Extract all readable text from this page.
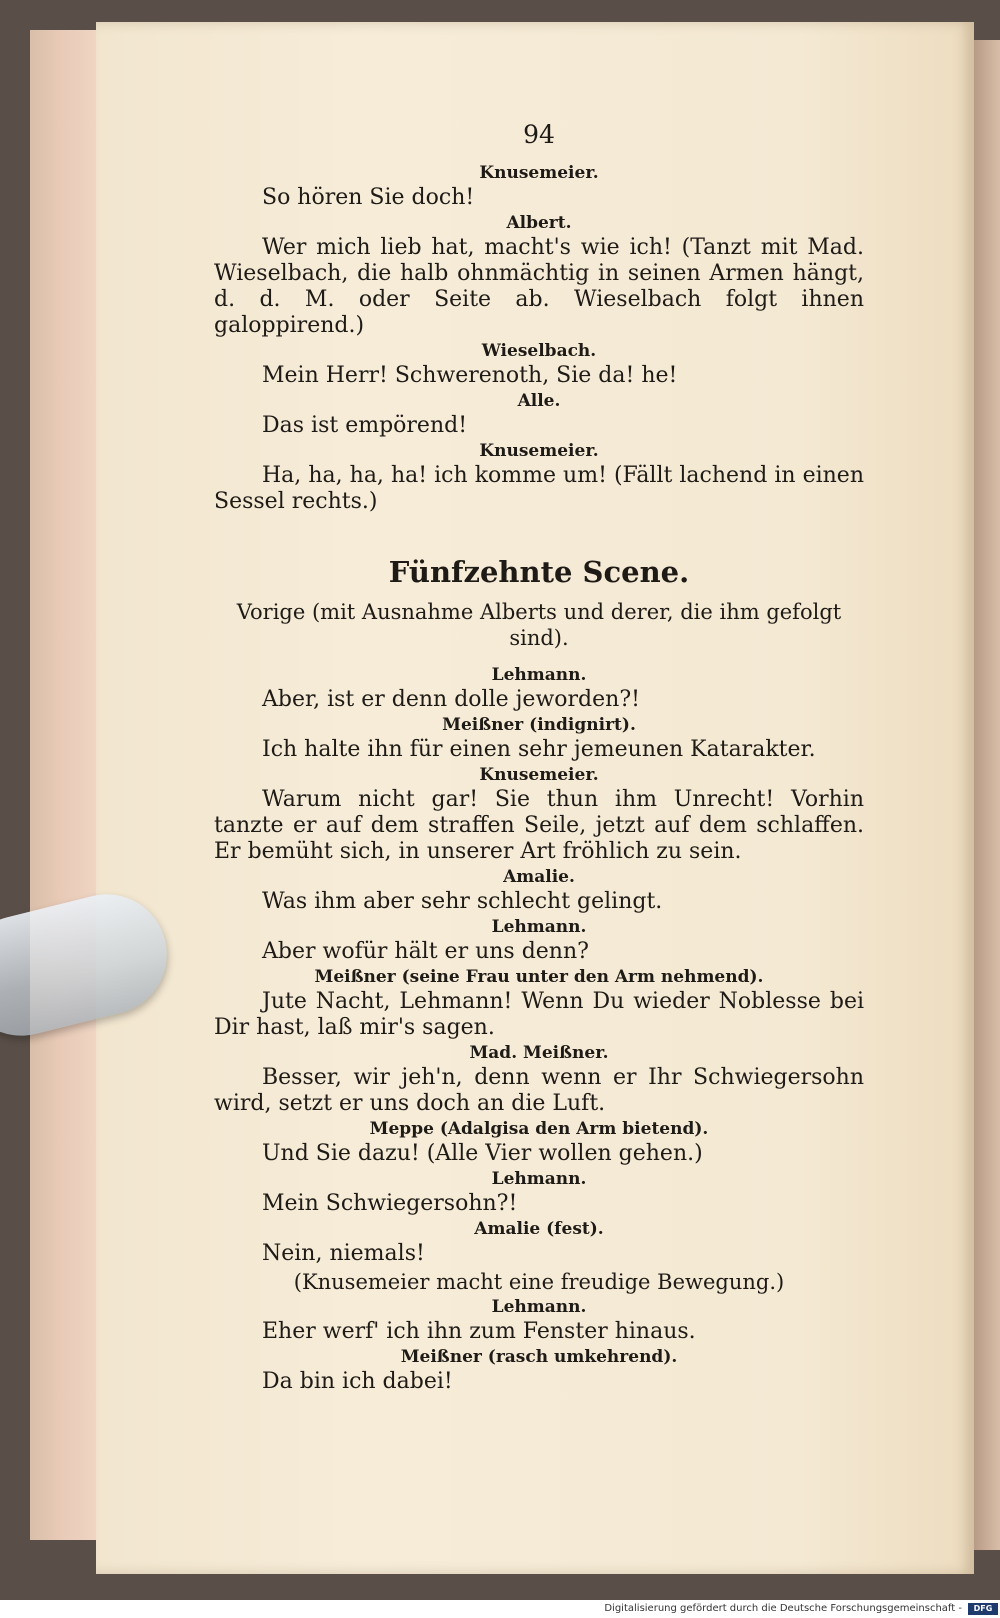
94
Knusemeier.

So hören Sie doch!

Albert.

Wer mich lieb hat, macht's wie ich! (Tanzt mit Mad. Wieselbach, die halb ohnmächtig in seinen Armen hängt, d. d. M. oder Seite ab. Wieselbach folgt ihnen galoppirend.)

Wieselbach.

Mein Herr! Schwerenoth, Sie da! he!

Alle.

Das ist empörend!

Knusemeier.

Ha, ha, ha, ha! ich komme um! (Fällt lachend in einen Sessel rechts.)

Fünfzehnte Scene.
Vorige (mit Ausnahme Alberts und derer, die ihm gefolgt sind).
Lehmann.

Aber, ist er denn dolle jeworden?!

Meißner (indignirt).

Ich halte ihn für einen sehr jemeunen Katarakter.

Knusemeier.

Warum nicht gar! Sie thun ihm Unrecht! Vorhin tanzte er auf dem straffen Seile, jetzt auf dem schlaffen. Er bemüht sich, in unserer Art fröhlich zu sein.

Amalie.

Was ihm aber sehr schlecht gelingt.

Lehmann.

Aber wofür hält er uns denn?

Meißner (seine Frau unter den Arm nehmend).

Jute Nacht, Lehmann! Wenn Du wieder Noblesse bei Dir hast, laß mir's sagen.

Mad. Meißner.

Besser, wir jeh'n, denn wenn er Ihr Schwiegersohn wird, setzt er uns doch an die Luft.

Meppe (Adalgisa den Arm bietend).

Und Sie dazu! (Alle Vier wollen gehen.)

Lehmann.

Mein Schwiegersohn?!

Amalie (fest).

Nein, niemals!

(Knusemeier macht eine freudige Bewegung.)
Lehmann.

Eher werf' ich ihn zum Fenster hinaus.

Meißner (rasch umkehrend).

Da bin ich dabei!

Digitalisierung gefördert durch die Deutsche Forschungsgemeinschaft -	DFG
